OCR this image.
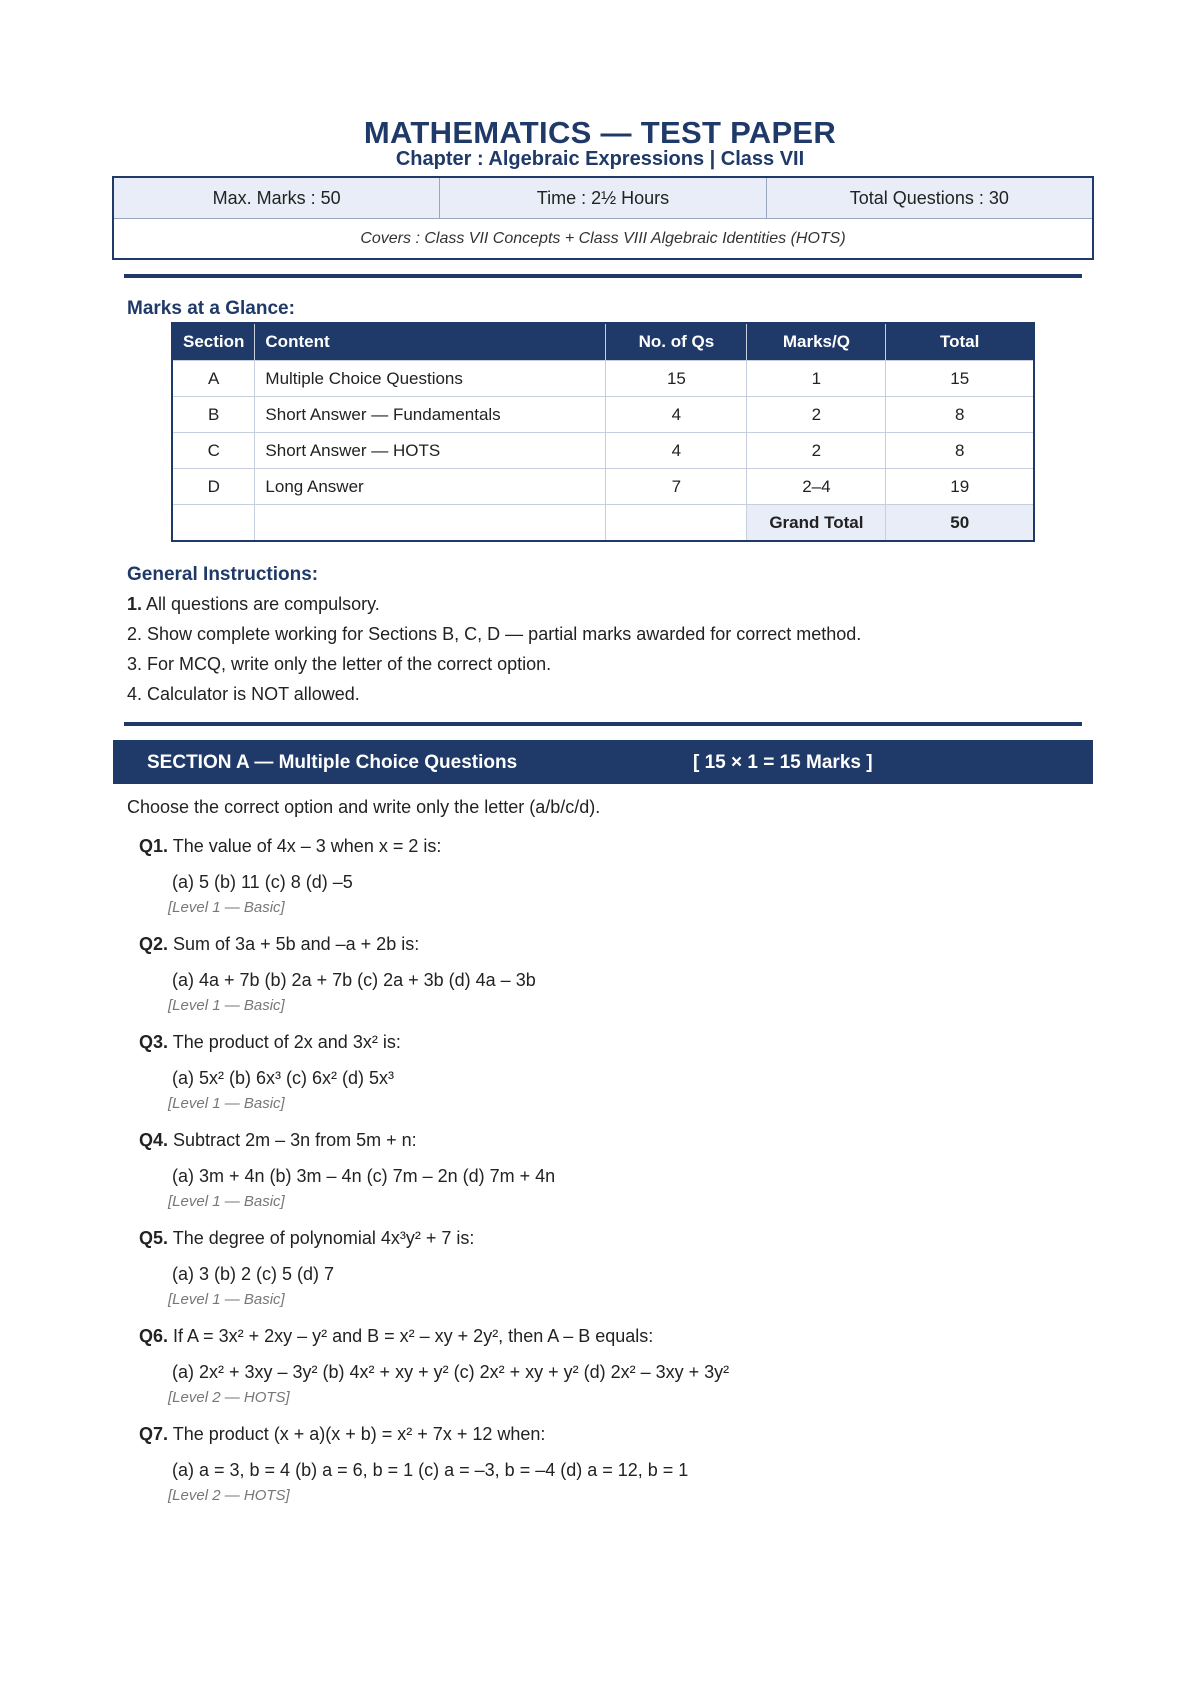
MATHEMATICS — TEST PAPER
Chapter : Algebraic Expressions | Class VII
Max. Marks : 50	Time : 2½ Hours	Total Questions : 30
Covers : Class VII Concepts + Class VIII Algebraic Identities (HOTS)
Marks at a Glance:
Section	Content	No. of Qs	Marks/Q	Total
A	Multiple Choice Questions	15	1	15
B	Short Answer — Fundamentals	4	2	8
C	Short Answer — HOTS	4	2	8
D	Long Answer	7	2–4	19
			Grand Total	50
General Instructions:
1. All questions are compulsory.
2. Show complete working for Sections B, C, D — partial marks awarded for correct method.
3. For MCQ, write only the letter of the correct option.
4. Calculator is NOT allowed.
SECTION A — Multiple Choice Questions	[ 15 × 1 = 15 Marks ]
Choose the correct option and write only the letter (a/b/c/d).
Q1. The value of 4x – 3 when x = 2 is:
(a) 5 (b) 11 (c) 8 (d) –5
[Level 1 — Basic]
Q2. Sum of 3a + 5b and –a + 2b is:
(a) 4a + 7b (b) 2a + 7b (c) 2a + 3b (d) 4a – 3b
[Level 1 — Basic]
Q3. The product of 2x and 3x² is:
(a) 5x² (b) 6x³ (c) 6x² (d) 5x³
[Level 1 — Basic]
Q4. Subtract 2m – 3n from 5m + n:
(a) 3m + 4n (b) 3m – 4n (c) 7m – 2n (d) 7m + 4n
[Level 1 — Basic]
Q5. The degree of polynomial 4x³y² + 7 is:
(a) 3 (b) 2 (c) 5 (d) 7
[Level 1 — Basic]
Q6. If A = 3x² + 2xy – y² and B = x² – xy + 2y², then A – B equals:
(a) 2x² + 3xy – 3y² (b) 4x² + xy + y² (c) 2x² + xy + y² (d) 2x² – 3xy + 3y²
[Level 2 — HOTS]
Q7. The product (x + a)(x + b) = x² + 7x + 12 when:
(a) a = 3, b = 4 (b) a = 6, b = 1 (c) a = –3, b = –4 (d) a = 12, b = 1
[Level 2 — HOTS]
